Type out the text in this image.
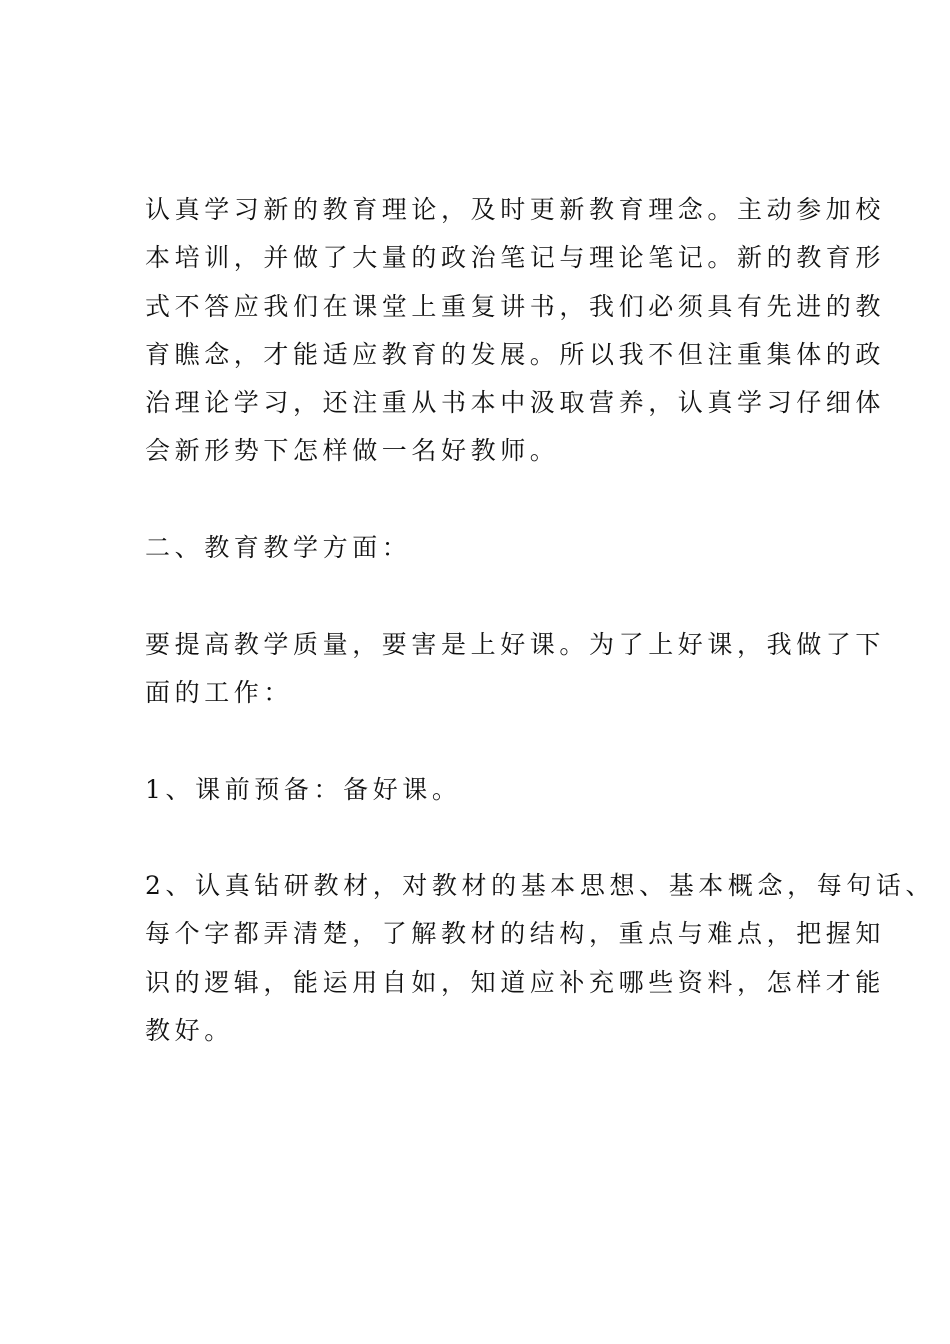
认真学习新的教育理论，及时更新教育理念。主动参加校
本培训，并做了大量的政治笔记与理论笔记。新的教育形
式不答应我们在课堂上重复讲书，我们必须具有先进的教
育瞧念，才能适应教育的发展。所以我不但注重集体的政
治理论学习，还注重从书本中汲取营养，认真学习仔细体
会新形势下怎样做一名好教师。
二、教育教学方面：
要提高教学质量，要害是上好课。为了上好课，我做了下
面的工作：
1、课前预备：备好课。
2、认真钻研教材，对教材的基本思想、基本概念，每句话、
每个字都弄清楚，了解教材的结构，重点与难点，把握知
识的逻辑，能运用自如，知道应补充哪些资料，怎样才能
教好。
